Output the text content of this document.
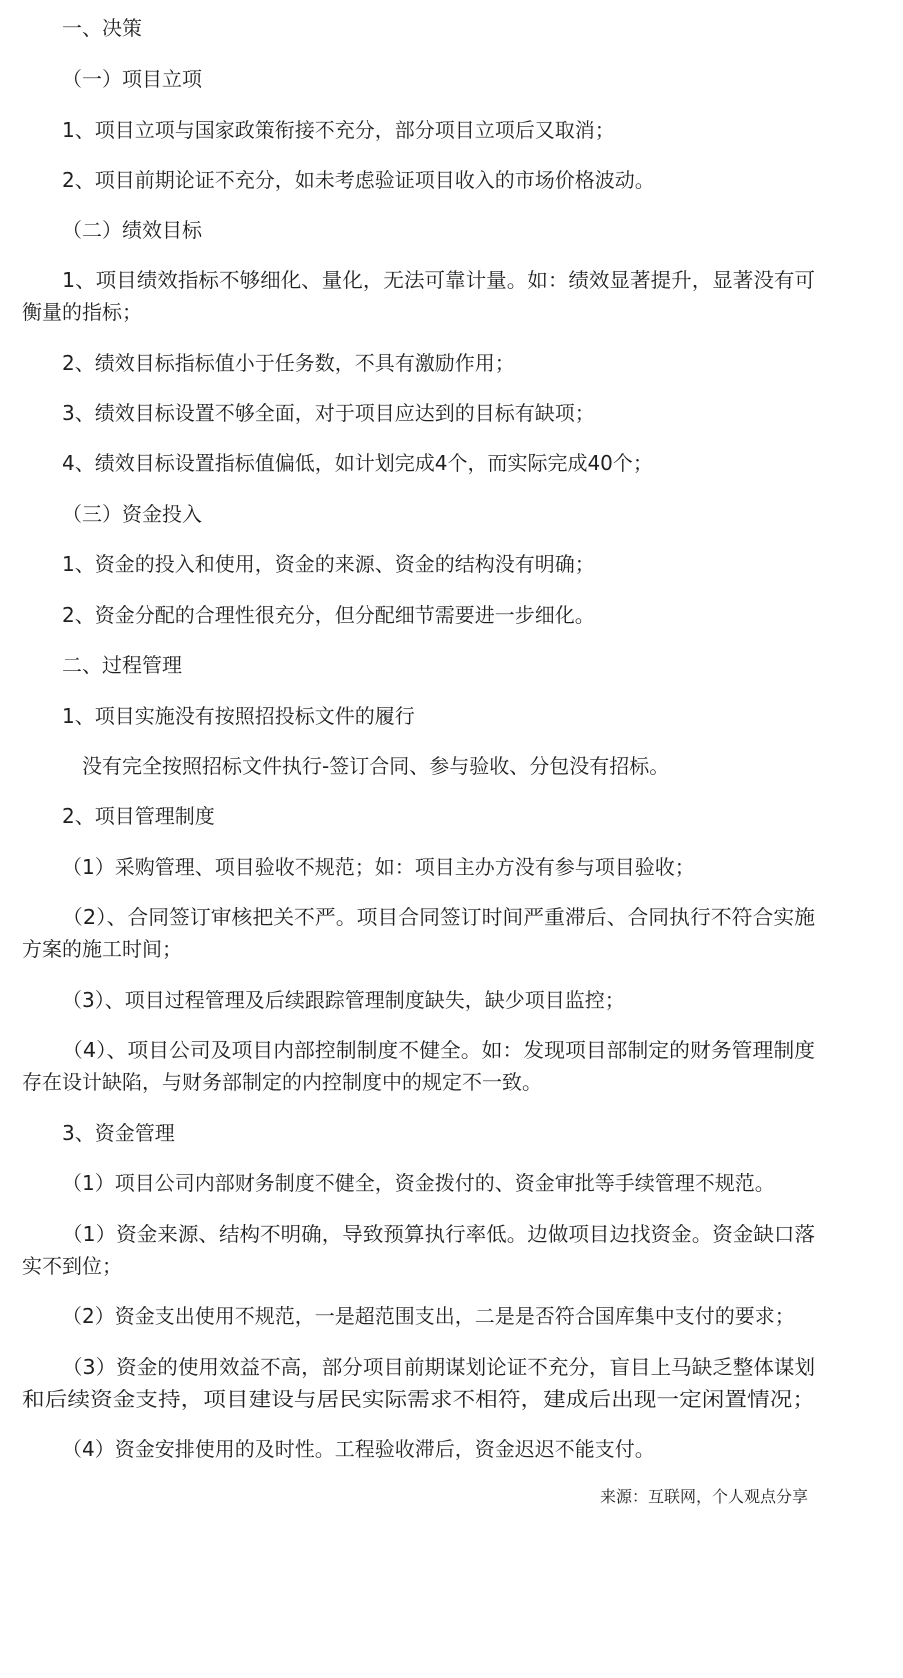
一、决策
（一）项目立项
1、项目立项与国家政策衔接不充分，部分项目立项后又取消；
2、项目前期论证不充分，如未考虑验证项目收入的市场价格波动。
（二）绩效目标
1、项目绩效指标不够细化、量化，无法可靠计量。如：绩效显著提升，显著没有可
衡量的指标；
2、绩效目标指标值小于任务数，不具有激励作用；
3、绩效目标设置不够全面，对于项目应达到的目标有缺项；
4、绩效目标设置指标值偏低，如计划完成4个，而实际完成40个；
（三）资金投入
1、资金的投入和使用，资金的来源、资金的结构没有明确；
2、资金分配的合理性很充分，但分配细节需要进一步细化。
二、过程管理
1、项目实施没有按照招投标文件的履行
没有完全按照招标文件执行-签订合同、参与验收、分包没有招标。
2、项目管理制度
（1）采购管理、项目验收不规范；如：项目主办方没有参与项目验收；
（2）、合同签订审核把关不严。项目合同签订时间严重滞后、合同执行不符合实施
方案的施工时间；
（3）、项目过程管理及后续跟踪管理制度缺失，缺少项目监控；
（4）、项目公司及项目内部控制制度不健全。如：发现项目部制定的财务管理制度
存在设计缺陷，与财务部制定的内控制度中的规定不一致。
3、资金管理
（1）项目公司内部财务制度不健全，资金拨付的、资金审批等手续管理不规范。
（1）资金来源、结构不明确，导致预算执行率低。边做项目边找资金。资金缺口落
实不到位；
（2）资金支出使用不规范，一是超范围支出，二是是否符合国库集中支付的要求；
（3）资金的使用效益不高，部分项目前期谋划论证不充分，盲目上马缺乏整体谋划
和后续资金支持，项目建设与居民实际需求不相符，建成后出现一定闲置情况；
（4）资金安排使用的及时性。工程验收滞后，资金迟迟不能支付。
来源：互联网，个人观点分享
